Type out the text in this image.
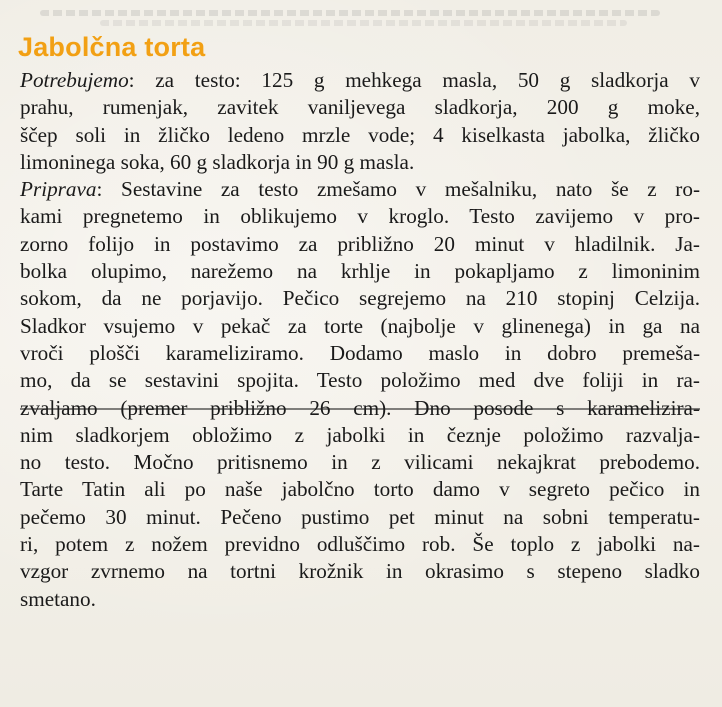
Jabolčna torta
Potrebujemo: za testo: 125 g mehkega masla, 50 g sladkorja v
prahu, rumenjak, zavitek vaniljevega sladkorja, 200 g moke,
ščep soli in žličko ledeno mrzle vode; 4 kiselkasta jabolka, žličko
limoninega soka, 60 g sladkorja in 90 g masla.
Priprava: Sestavine za testo zmešamo v mešalniku, nato še z ro-
kami pregnetemo in oblikujemo v kroglo. Testo zavijemo v pro-
zorno folijo in postavimo za približno 20 minut v hladilnik. Ja-
bolka olupimo, narežemo na krhlje in pokapljamo z limoninim
sokom, da ne porjavijo. Pečico segrejemo na 210 stopinj Celzija.
Sladkor vsujemo v pekač za torte (najbolje v glinenega) in ga na
vroči plošči karameliziramo. Dodamo maslo in dobro premeša-
mo, da se sestavini spojita. Testo položimo med dve foliji in ra-
zvaljamo (premer približno 26 cm). Dno posode s karamelizira-
nim sladkorjem obložimo z jabolki in čeznje položimo razvalja-
no testo. Močno pritisnemo in z vilicami nekajkrat prebodemo.
Tarte Tatin ali po naše jabolčno torto damo v segreto pečico in
pečemo 30 minut. Pečeno pustimo pet minut na sobni temperatu-
ri, potem z nožem previdno odluščimo rob. Še toplo z jabolki na-
vzgor zvrnemo na tortni krožnik in okrasimo s stepeno sladko
smetano.
